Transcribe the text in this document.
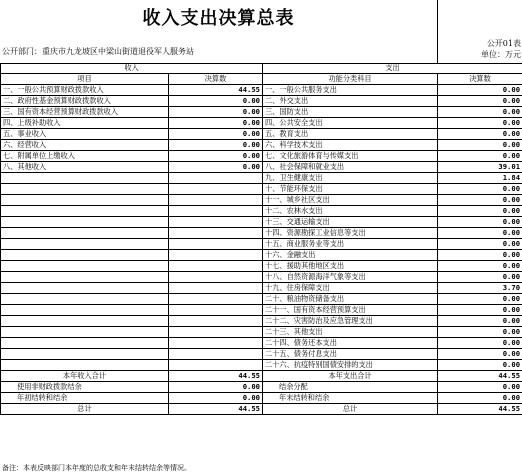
收入支出决算总表
公开部门：重庆市九龙坡区中梁山街道退役军人服务站
公开01表
单位：万元
收入		支出	
项目	决算数	功能分类科目	决算数
一、一般公共预算财政拨款收入	44.55	一、一般公共服务支出	0.00
二、政府性基金预算财政拨款收入	0.00	二、外交支出	0.00
三、国有资本经营预算财政拨款收入	0.00	三、国防支出	0.00
四、上级补助收入	0.00	四、公共安全支出	0.00
五、事业收入	0.00	五、教育支出	0.00
六、经营收入	0.00	六、科学技术支出	0.00
七、附属单位上缴收入	0.00	七、文化旅游体育与传媒支出	0.00
八、其他收入	0.00	八、社会保障和就业支出	39.01
		九、卫生健康支出	1.84
		十、节能环保支出	0.00
		十一、城乡社区支出	0.00
		十二、农林水支出	0.00
		十三、交通运输支出	0.00
		十四、资源勘探工业信息等支出	0.00
		十五、商业服务业等支出	0.00
		十六、金融支出	0.00
		十七、援助其他地区支出	0.00
		十八、自然资源海洋气象等支出	0.00
		十九、住房保障支出	3.70
		二十、粮油物资储备支出	0.00
		二十一、国有资本经营预算支出	0.00
		二十二、灾害防治及应急管理支出	0.00
		二十三、其他支出	0.00
		二十四、债务还本支出	0.00
		二十五、债务付息支出	0.00
		二十六、抗疫特别国债安排的支出	0.00
本年收入合计	44.55	本年支出合计	44.55
使用非财政拨款结余	0.00	结余分配	0.00
年初结转和结余	0.00	年末结转和结余	0.00
总计	44.55	总计	44.55
备注：本表反映部门本年度的总收支和年末结转结余等情况。
